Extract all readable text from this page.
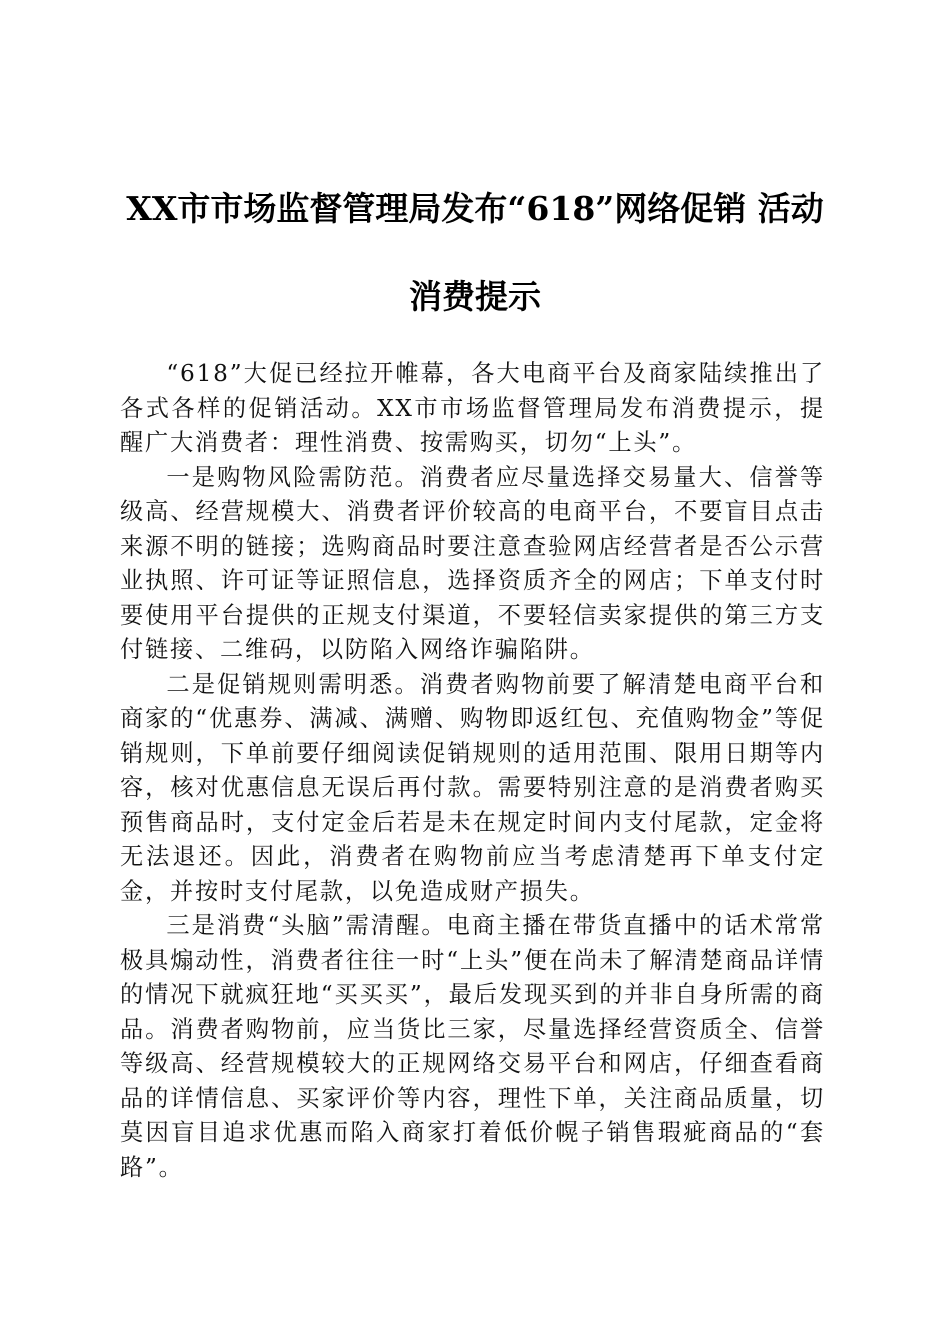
XX市市场监督管理局发布“618”网络促销 活动消费提示

“618”大促已经拉开帷幕，各大电商平台及商家陆续推出了各式各样的促销活动。XX市市场监督管理局发布消费提示，提醒广大消费者：理性消费、按需购买，切勿“上头”。

一是购物风险需防范。消费者应尽量选择交易量大、信誉等级高、经营规模大、消费者评价较高的电商平台，不要盲目点击来源不明的链接；选购商品时要注意查验网店经营者是否公示营业执照、许可证等证照信息，选择资质齐全的网店；下单支付时要使用平台提供的正规支付渠道，不要轻信卖家提供的第三方支付链接、二维码，以防陷入网络诈骗陷阱。

二是促销规则需明悉。消费者购物前要了解清楚电商平台和商家的“优惠券、满减、满赠、购物即返红包、充值购物金”等促销规则，下单前要仔细阅读促销规则的适用范围、限用日期等内容，核对优惠信息无误后再付款。需要特别注意的是消费者购买预售商品时，支付定金后若是未在规定时间内支付尾款，定金将无法退还。因此，消费者在购物前应当考虑清楚再下单支付定金，并按时支付尾款，以免造成财产损失。

三是消费“头脑”需清醒。电商主播在带货直播中的话术常常极具煽动性，消费者往往一时“上头”便在尚未了解清楚商品详情的情况下就疯狂地“买买买”，最后发现买到的并非自身所需的商品。消费者购物前，应当货比三家，尽量选择经营资质全、信誉等级高、经营规模较大的正规网络交易平台和网店，仔细查看商品的详情信息、买家评价等内容，理性下单，关注商品质量，切莫因盲目追求优惠而陷入商家打着低价幌子销售瑕疵商品的“套路”。
